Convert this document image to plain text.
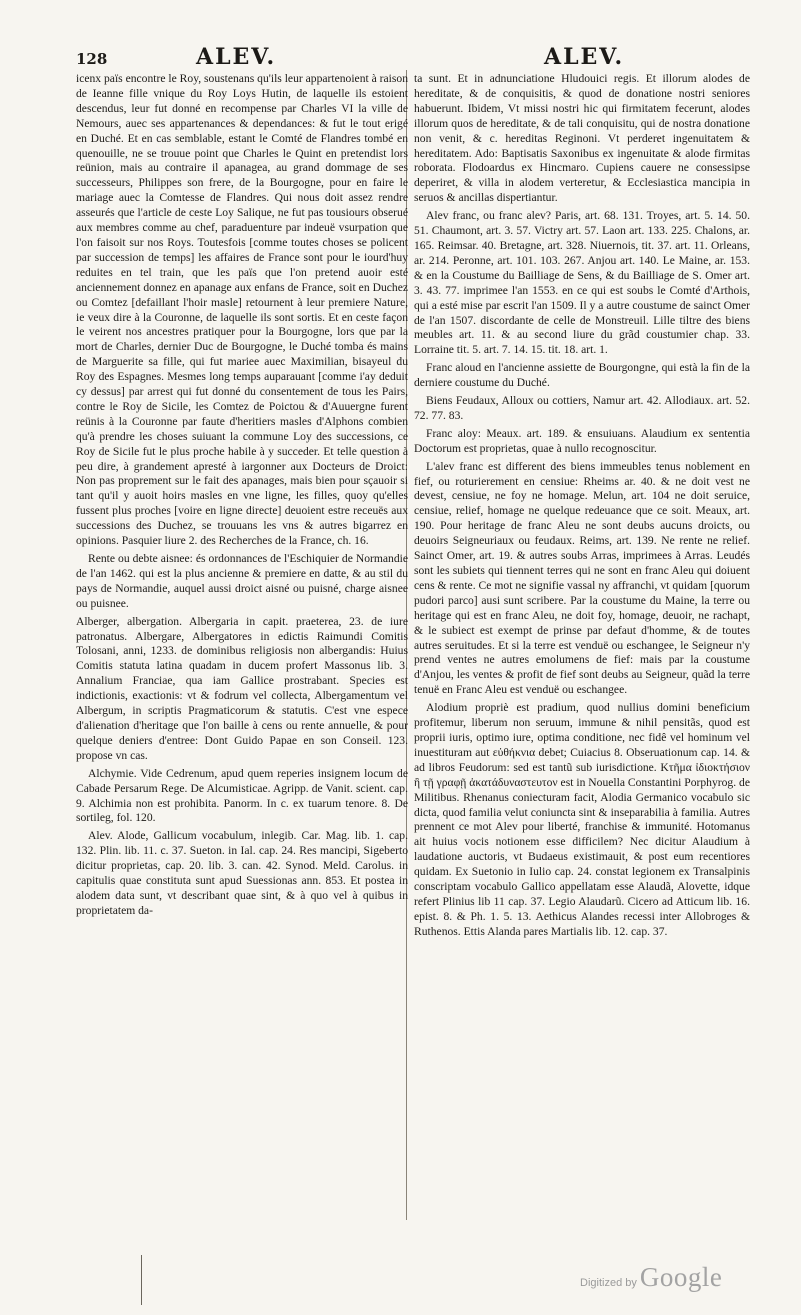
128	ALEV.	ALEV.

icenx païs encontre le Roy, soustenans qu'ils leur appartenoient à raison de Ieanne fille vnique du Roy Loys Hutin, de laquelle ils estoient descendus, leur fut donné en recompense par Charles VI la ville de Nemours, auec ses appartenances & dependances: & fut le tout erigé en Duché. Et en cas semblable, estant le Comté de Flandres tombé en quenouille, ne se trouue point que Charles le Quint en pretendist lors reünion, mais au contraire il apanagea, au grand dommage de ses successeurs, Philippes son frere, de la Bourgogne, pour en faire le mariage auec la Comtesse de Flandres. Qui nous doit assez rendre asseurés que l'article de ceste Loy Salique, ne fut pas tousiours obserué aux membres comme au chef, paraduenture par indeuë vsurpation que l'on faisoit sur nos Roys. Toutesfois [comme toutes choses se policent par succession de temps] les affaires de France sont pour le iourd'huy reduites en tel train, que les païs que l'on pretend auoir esté anciennement donnez en apanage aux enfans de France, soit en Duchez ou Comtez [defaillant l'hoir masle] retournent à leur premiere Nature, ie veux dire à la Couronne, de laquelle ils sont sortis. Et en ceste façon le veirent nos ancestres pratiquer pour la Bourgogne, lors que par la mort de Charles, dernier Duc de Bourgogne, le Duché tomba és mains de Marguerite sa fille, qui fut mariee auec Maximilian, bisayeul du Roy des Espagnes. Mesmes long temps auparauant [comme i'ay deduit cy dessus] par arrest qui fut donné du consentement de tous les Pairs, contre le Roy de Sicile, les Comtez de Poictou & d'Auuergne furent reünis à la Couronne par faute d'heritiers masles d'Alphons combien qu'à prendre les choses suiuant la commune Loy des successions, ce Roy de Sicile fut le plus proche habile à y succeder. Et telle question à peu dire, à grandement apresté à iargonner aux Docteurs de Droict: Non pas proprement sur le fait des apanages, mais bien pour sçauoir si tant qu'il y auoit hoirs masles en vne ligne, les filles, quoy qu'elles fussent plus proches [voire en ligne directe] deuoient estre receuës aux successions des Duchez, se trouuans les vns & autres bigarrez en opinions. Pasquier liure 2. des Recherches de la France, ch. 16.

Rente ou debte aisnee: és ordonnances de l'Eschiquier de Normandie de l'an 1462. qui est la plus ancienne & premiere en datte, & au stil du pays de Normandie, auquel aussi droict aisné ou puisné, charge aisnee ou puisnee.

Alberger, albergation. Albergaria in capit. praeterea, 23. de iure patronatus. Albergare, Albergatores in edictis Raimundi Comitis Tolosani, anni, 1233. de dominibus religiosis non albergandis: Huius Comitis statuta latina quadam in ducem profert Massonus lib. 3. Annalium Franciae, qua iam Gallice prostrabant. Species est indictionis, exactionis: vt & fodrum vel collecta, Albergamentum vel Albergum, in scriptis Pragmaticorum & statutis. C'est vne espece d'alienation d'heritage que l'on baille à cens ou rente annuelle, & pour quelque deniers d'entree: Dont Guido Papae en son Conseil. 123. propose vn cas.

Alchymie. Vide Cedrenum, apud quem reperies insignem locum de Cabade Persarum Rege. De Alcumisticae. Agripp. de Vanit. scient. cap. 9. Alchimia non est prohibita. Panorm. In c. ex tuarum tenore. 8. De sortileg, fol. 120.

Alev. Alode, Gallicum vocabulum, inlegib. Car. Mag. lib. 1. cap. 132. Plin. lib. 11. c. 37. Sueton. in Ial. cap. 24. Res mancipi, Sigeberto dicitur proprietas, cap. 20. lib. 3. can. 42. Synod. Meld. Carolus. in capitulis quae constituta sunt apud Suessionas ann. 853. Et postea in alodem data sunt, vt describant quae sint, & à quo vel à quibus in proprietatem da-

ta sunt. Et in adnunciatione Hludouici regis. Et illorum alodes de hereditate, & de conquisitis, & quod de donatione nostri seniores habuerunt. Ibidem, Vt missi nostri hic qui firmitatem fecerunt, alodes illorum quos de hereditate, & de tali conquisitu, qui de nostra donatione non venit, & c. hereditas Reginoni. Vt perderet ingenuitatem & hereditatem. Ado: Baptisatis Saxonibus ex ingenuitate & alode firmitas roborata. Flodoardus ex Hincmaro. Cupiens cauere ne consessipse deperiret, & villa in alodem verteretur, & Ecclesiastica mancipia in seruos & ancillas dispertiantur.

Alev franc, ou franc alev? Paris, art. 68. 131. Troyes, art. 5. 14. 50. 51. Chaumont, art. 3. 57. Victry art. 57. Laon art. 133. 225. Chalons, ar. 165. Reimsar. 40. Bretagne, art. 328. Niuernois, tit. 37. art. 11. Orleans, ar. 214. Peronne, art. 101. 103. 267. Anjou art. 140. Le Maine, ar. 153. & en la Coustume du Bailliage de Sens, & du Bailliage de S. Omer art. 3. 43. 77. imprimee l'an 1553. en ce qui est soubs le Comté d'Arthois, qui a esté mise par escrit l'an 1509. Il y a autre coustume de sainct Omer de l'an 1507. discordante de celle de Monstreuil. Lille tiltre des biens meubles art. 11. & au second liure du grãd coustumier chap. 33. Lorraine tit. 5. art. 7. 14. 15. tit. 18. art. 1.

Franc aloud en l'ancienne assiette de Bourgongne, qui està la fin de la derniere coustume du Duché.

Biens Feudaux, Alloux ou cottiers, Namur art. 42. Allodiaux. art. 52. 72. 77. 83.

Franc aloy: Meaux. art. 189. & ensuiuans. Alaudium ex sententia Doctorum est proprietas, quae à nullo recognoscitur.

L'alev franc est different des biens immeubles tenus noblement en fief, ou roturierement en censiue: Rheims ar. 40. & ne doit vest ne devest, censiue, ne foy ne homage. Melun, art. 104 ne doit seruice, censiue, relief, homage ne quelque redeuance que ce soit. Meaux, art. 190. Pour heritage de franc Aleu ne sont deubs aucuns droicts, ou deuoirs Seigneuriaux ou feudaux. Reims, art. 139. Ne rente ne relief. Sainct Omer, art. 19. & autres soubs Arras, imprimees à Arras. Leudés sont les subiets qui tiennent terres qui ne sont en franc Aleu qui doiuent cens & rente. Ce mot ne signifie vassal ny affranchi, vt quidam [quorum pudori parco] ausi sunt scribere. Par la coustume du Maine, la terre ou heritage qui est en franc Aleu, ne doit foy, homage, deuoir, ne rachapt, & le subiect est exempt de prinse par defaut d'homme, & de toutes autres seruitudes. Et si la terre est venduë ou eschangee, le Seigneur n'y prend ventes ne autres emolumens de fief: mais par la coustume d'Anjou, les ventes & profit de fief sont deubs au Seigneur, quãd la terre tenuë en Franc Aleu est venduë ou eschangee.

Alodium propriè est pradium, quod nullius domini beneficium profitemur, liberum non seruum, immune & nihil pensitãs, quod est proprii iuris, optimo iure, optima conditione, nec fidê vel hominum vel inuestituram aut εὐθήκνια debet; Cuiacius 8. Obseruationum cap. 14. & ad libros Feudorum: sed est tantũ sub iurisdictione. Κτῆμα ἰδιοκτήσιον ἢ τῇ γραφῇ ἀκατάδυναστευτον est in Nouella Constantini Porphyrog. de Militibus. Rhenanus coniecturam facit, Alodia Germanico vocabulo sic dicta, quod familia velut coniuncta sint & inseparabilia à familia. Autres prennent ce mot Alev pour liberté, franchise & immunité. Hotomanus ait huius vocis notionem esse difficilem? Nec dicitur Alaudium à laudatione auctoris, vt Budaeus existimauit, & post eum recentiores quidam. Ex Suetonio in Iulio cap. 24. constat legionem ex Transalpinis conscriptam vocabulo Gallico appellatam esse Alaudã, Alovette, idque refert Plinius lib 11 cap. 37. Legio Alaudarũ. Cicero ad Atticum lib. 16. epist. 8. & Ph. 1. 5. 13. Aethicus Alandes recessi inter Allobroges & Ruthenos. Ettis Alanda pares Martialis lib. 12. cap. 37.

Digitized by Google
